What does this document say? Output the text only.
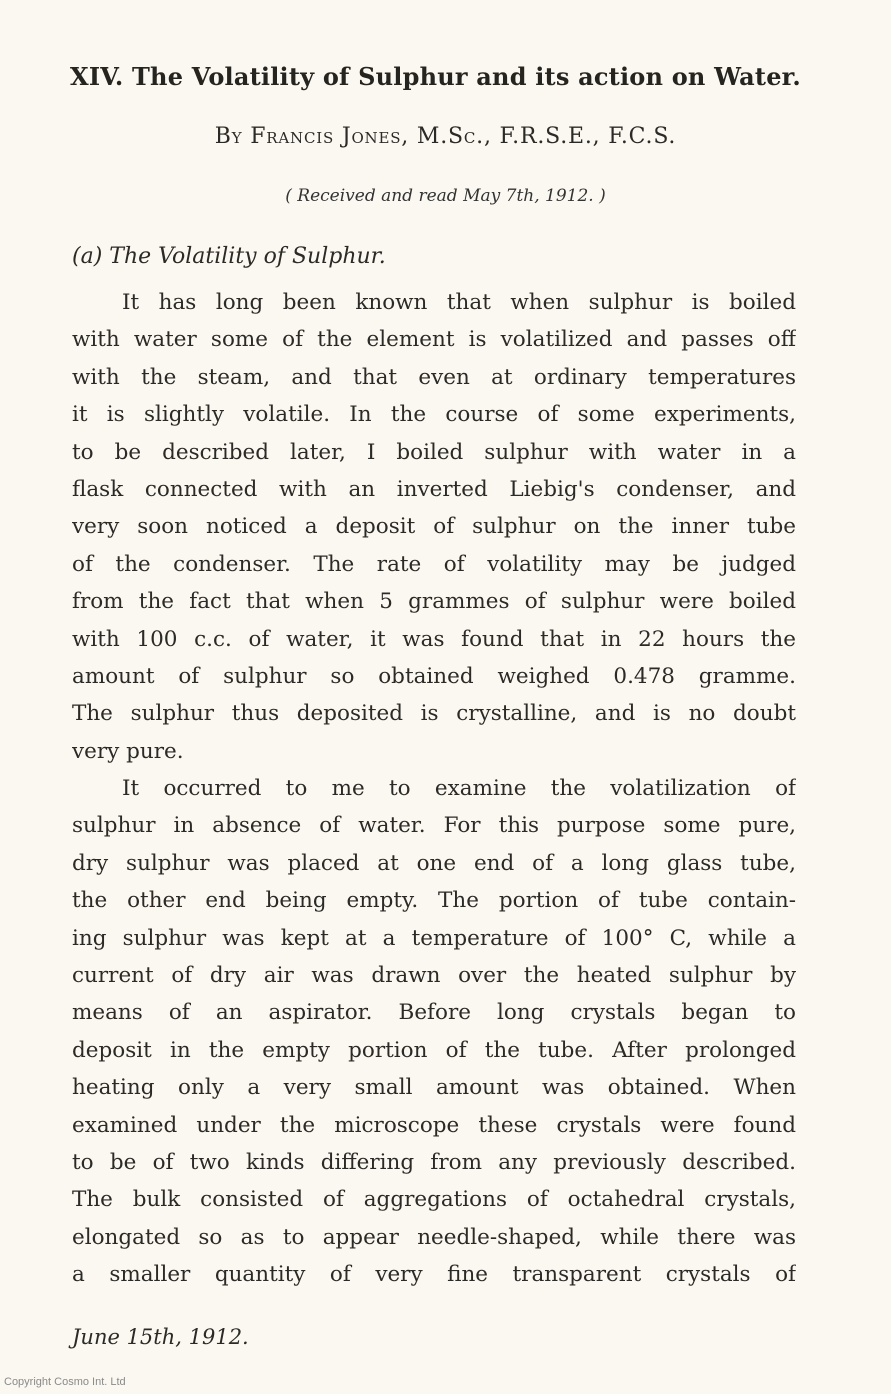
XIV. The Volatility of Sulphur and its action on Water.
By Francis Jones, M.Sc., F.R.S.E., F.C.S.
( Received and read May 7th, 1912. )
(a) The Volatility of Sulphur.
It has long been known that when sulphur is boiled
with water some of the element is volatilized and passes off
with the steam, and that even at ordinary temperatures
it is slightly volatile. In the course of some experiments,
to be described later, I boiled sulphur with water in a
flask connected with an inverted Liebig's condenser, and
very soon noticed a deposit of sulphur on the inner tube
of the condenser. The rate of volatility may be judged
from the fact that when 5 grammes of sulphur were boiled
with 100 c.c. of water, it was found that in 22 hours the
amount of sulphur so obtained weighed 0.478 gramme.
The sulphur thus deposited is crystalline, and is no doubt
very pure.
It occurred to me to examine the volatilization of
sulphur in absence of water. For this purpose some pure,
dry sulphur was placed at one end of a long glass tube,
the other end being empty. The portion of tube contain-
ing sulphur was kept at a temperature of 100° C, while a
current of dry air was drawn over the heated sulphur by
means of an aspirator. Before long crystals began to
deposit in the empty portion of the tube. After prolonged
heating only a very small amount was obtained. When
examined under the microscope these crystals were found
to be of two kinds differing from any previously described.
The bulk consisted of aggregations of octahedral crystals,
elongated so as to appear needle-shaped, while there was
a smaller quantity of very fine transparent crystals of
June 15th, 1912.
Copyright Cosmo Int. Ltd
